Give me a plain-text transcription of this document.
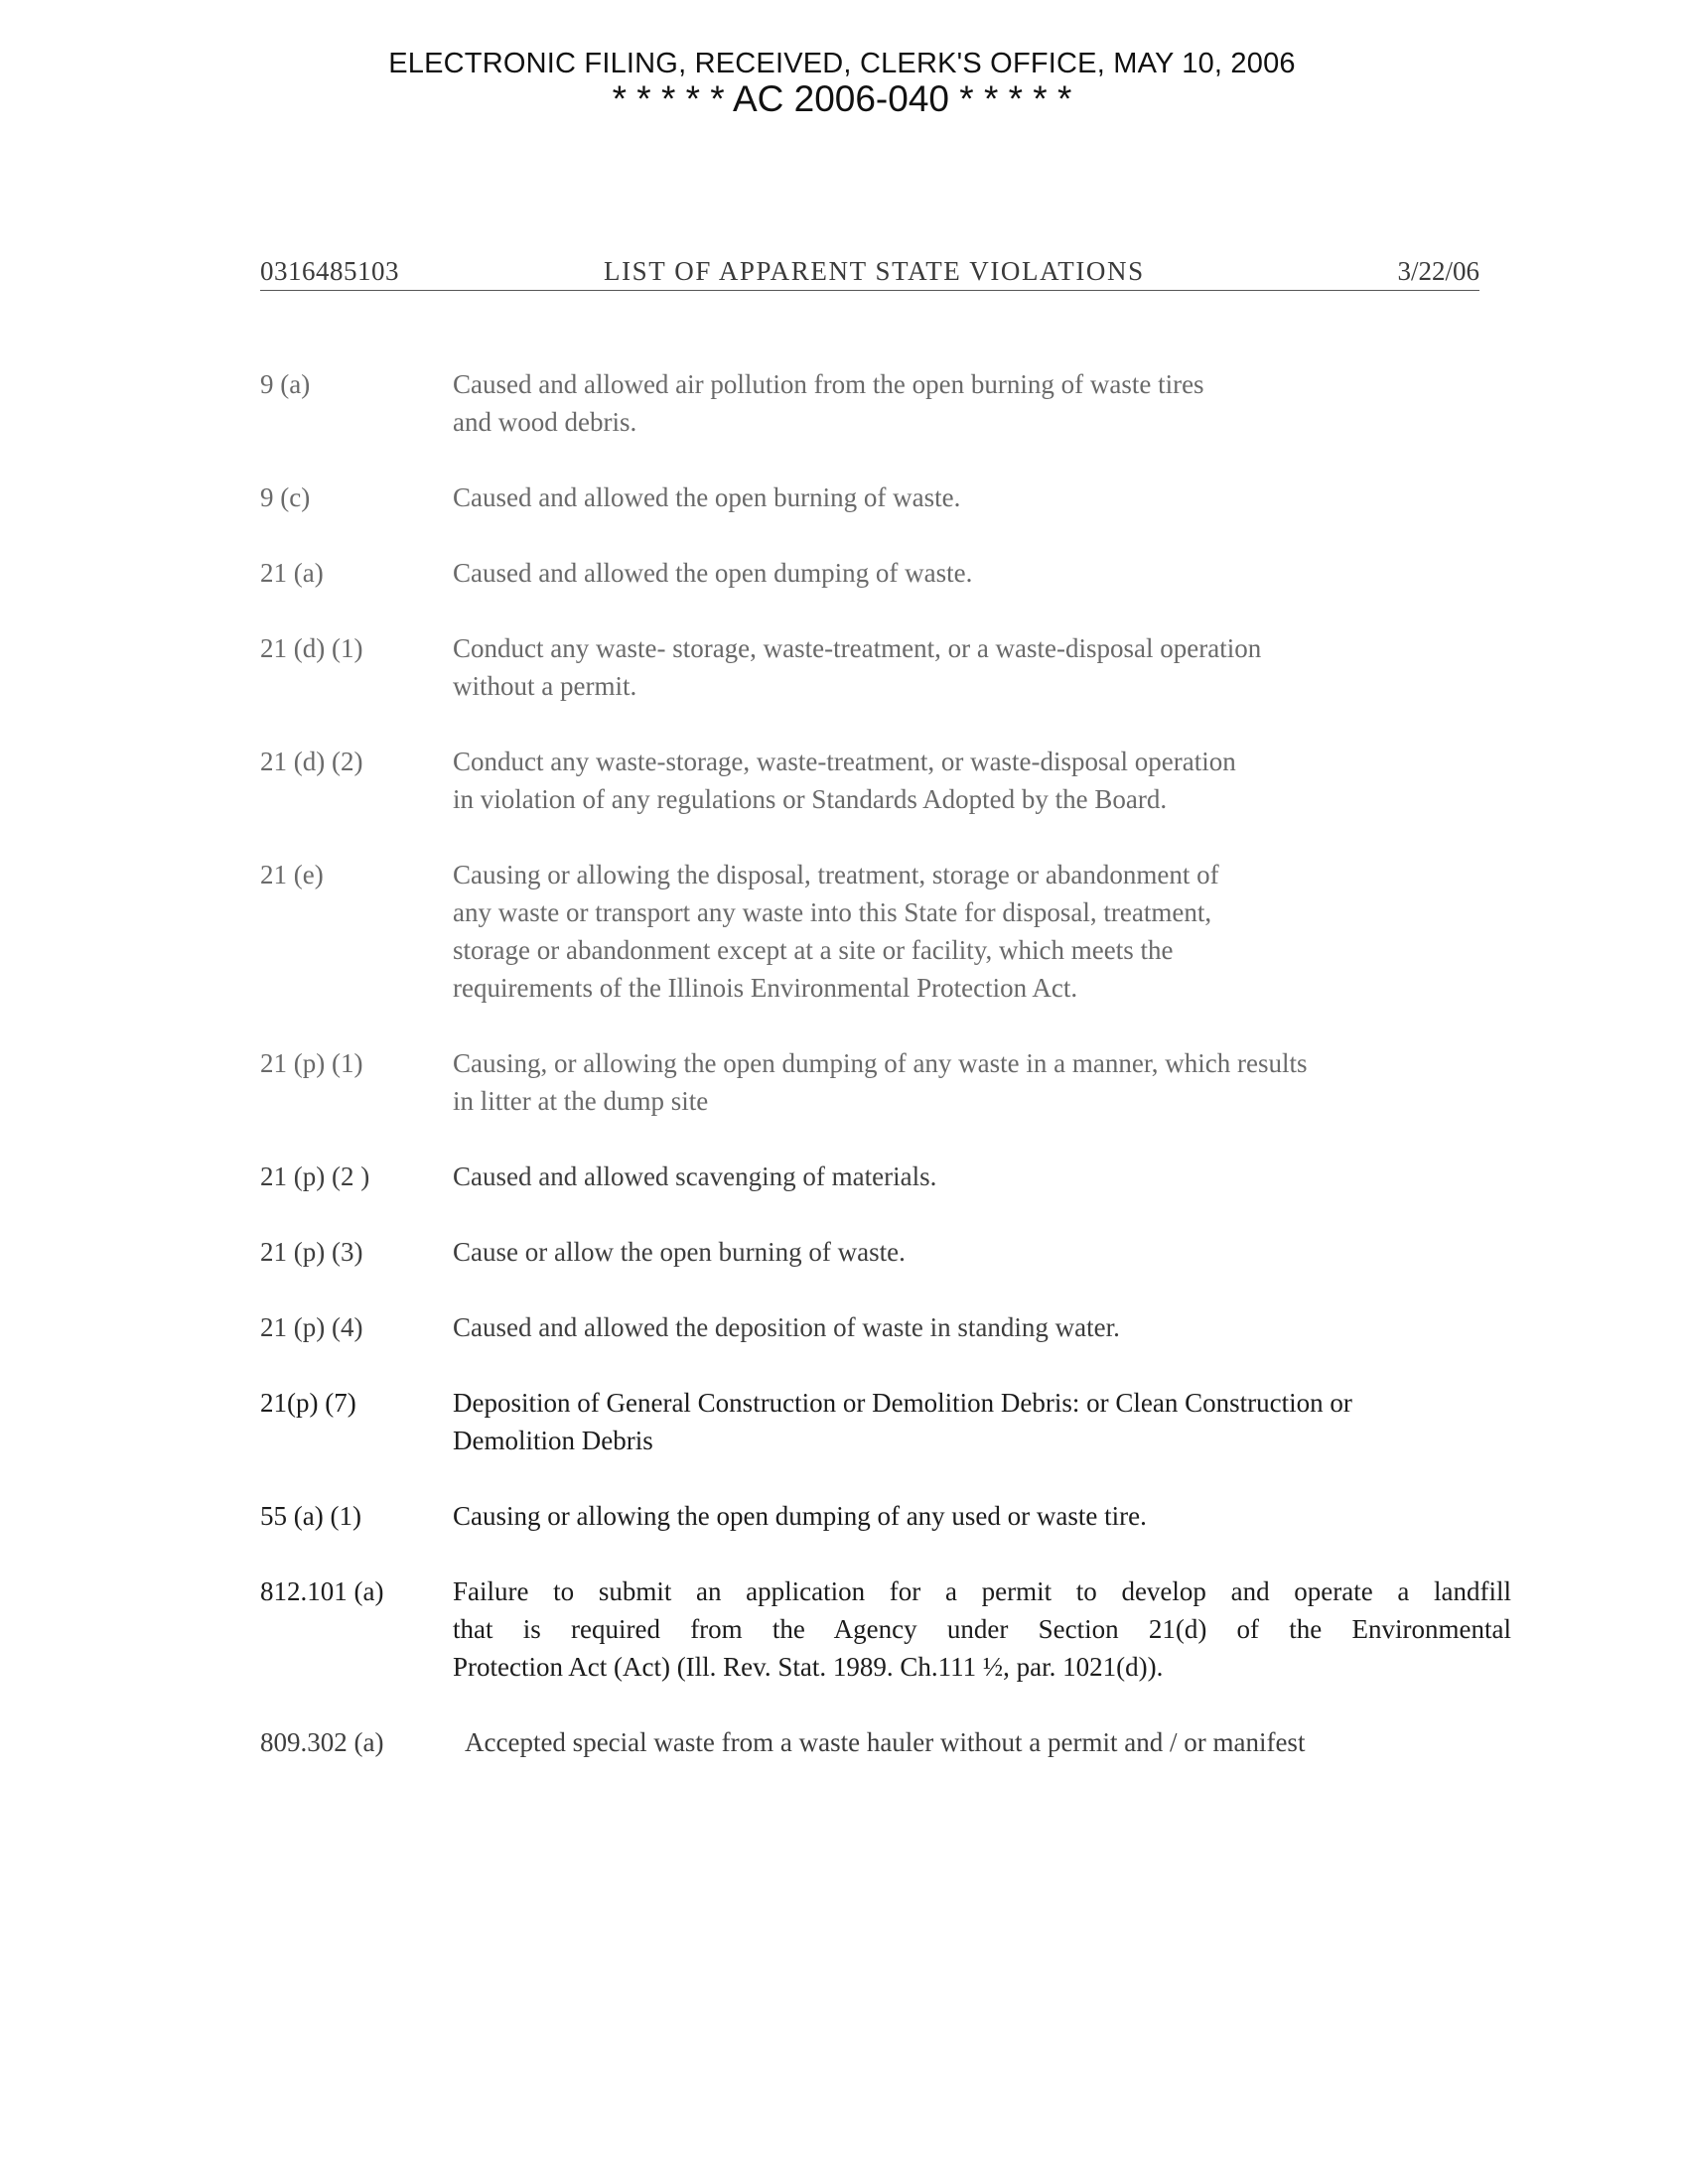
ELECTRONIC FILING, RECEIVED, CLERK'S OFFICE, MAY 10, 2006
* * * * * AC 2006-040 * * * * *
0316485103	LIST OF APPARENT STATE VIOLATIONS	3/22/06
9 (a)	Caused and allowed air pollution from the open burning of waste tires
and wood debris.
9 (c)	Caused and allowed the open burning of waste.
21 (a)	Caused and allowed the open dumping of waste.
21 (d) (1)	Conduct any waste- storage, waste-treatment, or a waste-disposal operation
without a permit.
21 (d) (2)	Conduct any waste-storage, waste-treatment, or waste-disposal operation
in violation of any regulations or Standards Adopted by the Board.
21 (e)	Causing or allowing the disposal, treatment, storage or abandonment of
any waste or transport any waste into this State for disposal, treatment,
storage or abandonment except at a site or facility, which meets the
requirements of the Illinois Environmental Protection Act.
21 (p) (1)	Causing, or allowing the open dumping of any waste in a manner, which results
in litter at the dump site
21 (p) (2 )	Caused and allowed scavenging of materials.
21 (p) (3)	Cause or allow the open burning of waste.
21 (p) (4)	Caused and allowed the deposition of waste in standing water.
21(p) (7)	Deposition of General Construction or Demolition Debris: or Clean Construction or
Demolition Debris
55 (a) (1)	Causing or allowing the open dumping of any used or waste tire.
812.101 (a)	Failure to submit an application for a permit to develop and operate a landfill
that is required from the Agency under Section 21(d) of the Environmental
Protection Act (Act) (Ill. Rev. Stat. 1989. Ch.111 ½, par. 1021(d)).
809.302 (a)	Accepted special waste from a waste hauler without a permit and / or manifest
